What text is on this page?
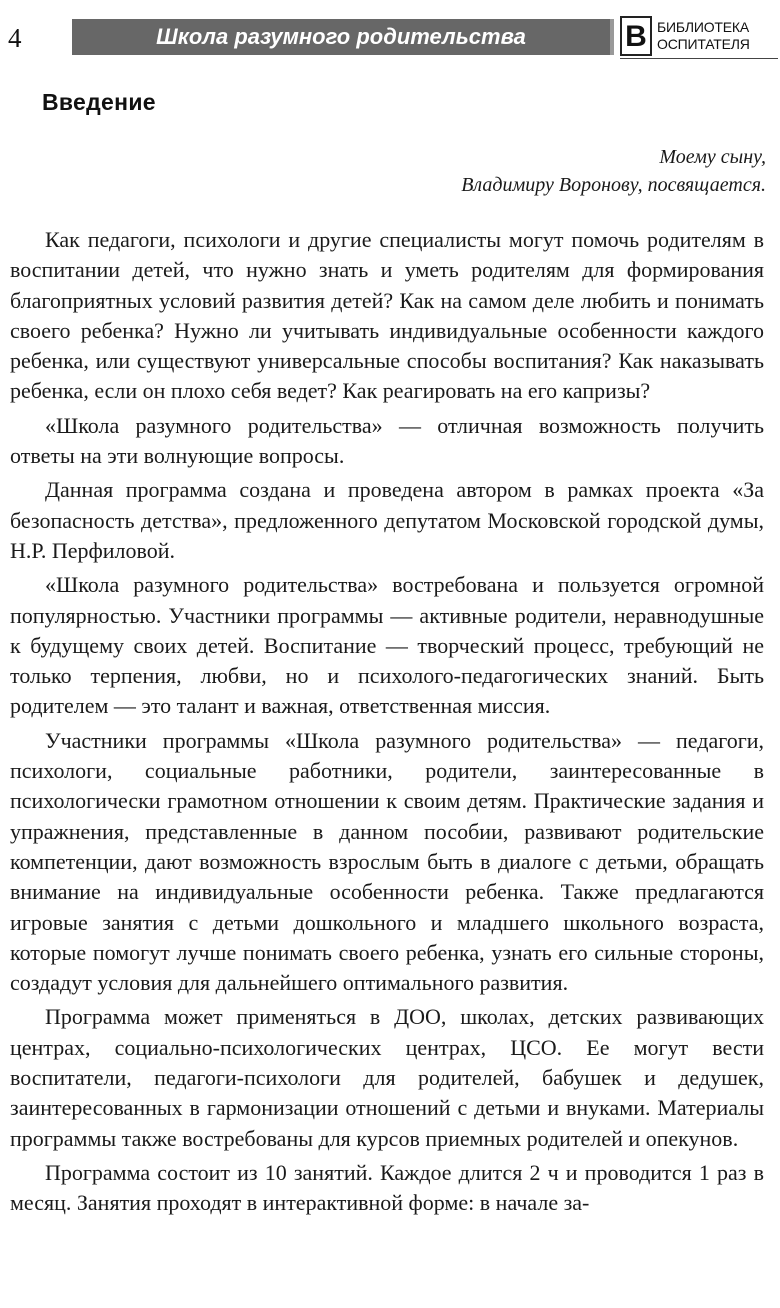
4	Школа разумного родительства	В БИБЛИОТЕКА
ОСПИТАТЕЛЯ
Введение
Моему сыну,
Владимиру Воронову, посвящается.

Как педагоги, психологи и другие специалисты могут помочь родителям в воспитании детей, что нужно знать и уметь родителям для формирования благоприятных условий развития детей? Как на самом деле любить и понимать своего ребенка? Нужно ли учитывать индивидуальные особенности каждого ребенка, или существуют универсальные способы воспитания? Как наказывать ребенка, если он плохо себя ведет? Как реагировать на его капризы?

«Школа разумного родительства» — отличная возможность получить ответы на эти волнующие вопросы.

Данная программа создана и проведена автором в рамках проекта «За безопасность детства», предложенного депутатом Московской городской думы, Н.Р. Перфиловой.

«Школа разумного родительства» востребована и пользуется огромной популярностью. Участники программы — активные родители, неравнодушные к будущему своих детей. Воспитание — творческий процесс, требующий не только терпения, любви, но и психолого-педагогических знаний. Быть родителем — это талант и важная, ответственная миссия.

Участники программы «Школа разумного родительства» — педагоги, психологи, социальные работники, родители, заинтересованные в психологически грамотном отношении к своим детям. Практические задания и упражнения, представленные в данном пособии, развивают родительские компетенции, дают возможность взрослым быть в диалоге с детьми, обращать внимание на индивидуальные особенности ребенка. Также предлагаются игровые занятия с детьми дошкольного и младшего школьного возраста, которые помогут лучше понимать своего ребенка, узнать его сильные стороны, создадут условия для дальнейшего оптимального развития.

Программа может применяться в ДОО, школах, детских развивающих центрах, социально-психологических центрах, ЦСО. Ее могут вести воспитатели, педагоги-психологи для родителей, бабушек и дедушек, заинтересованных в гармонизации отношений с детьми и внуками. Материалы программы также востребованы для курсов приемных родителей и опекунов.

Программа состоит из 10 занятий. Каждое длится 2 ч и проводится 1 раз в месяц. Занятия проходят в интерактивной форме: в начале за-
